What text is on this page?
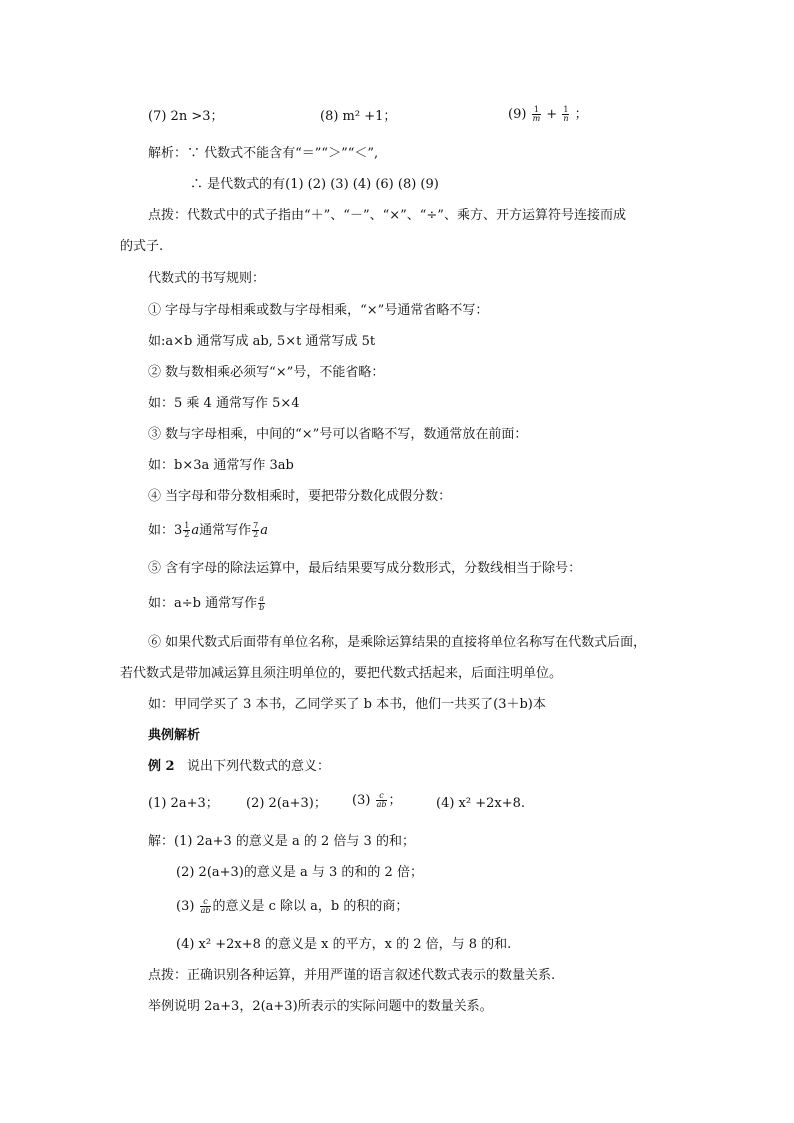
(7) 2n >3；	(8) m² +1；	$(9) \frac{1}{m} + \frac{1}{n}$ ；
解析：∵ 代数式不能含有“＝”“＞”“＜”,
∴ 是代数式的有(1) (2) (3) (4) (6) (8) (9)
点拨：代数式中的式子指由“＋”、“－”、“×”、“÷”、乘方、开方运算符号连接而成
的式子.
代数式的书写规则：
① 字母与字母相乘或数与字母相乘，“×”号通常省略不写：
如:a×b 通常写成 ab, 5×t 通常写成 5t
② 数与数相乘必须写“×”号，不能省略：
如：5 乘 4 通常写作 5×4
③ 数与字母相乘，中间的“×”号可以省略不写，数通常放在前面：
如：b×3a 通常写作 3ab
④ 当字母和带分数相乘时，要把带分数化成假分数：
如：$3 \frac{1}{2}$ a通常写作 $\frac{7}{2}$ a
⑤ 含有字母的除法运算中，最后结果要写成分数形式，分数线相当于除号：
如：a÷b 通常写作 $\frac{a}{b}$
⑥ 如果代数式后面带有单位名称，是乘除运算结果的直接将单位名称写在代数式后面，
若代数式是带加减运算且须注明单位的，要把代数式括起来，后面注明单位。
如：甲同学买了 3 本书，乙同学买了 b 本书，他们一共买了(3＋b)本
典例解析
例 2 说出下列代数式的意义：
(1) 2a+3； (2) 2(a+3)； $(3) \frac{c}{ab}$ ；	(4) x² +2x+8.
解：(1) 2a+3 的意义是 a 的 2 倍与 3 的和；
(2) 2(a+3)的意义是 a 与 3 的和的 2 倍；
$(3) \frac{c}{ab}$ 的意义是 c 除以 a，b 的积的商；
(4) x² +2x+8 的意义是 x 的平方，x 的 2 倍，与 8 的和.
点拨：正确识别各种运算，并用严谨的语言叙述代数式表示的数量关系.
举例说明 2a+3，2(a+3)所表示的实际问题中的数量关系。
